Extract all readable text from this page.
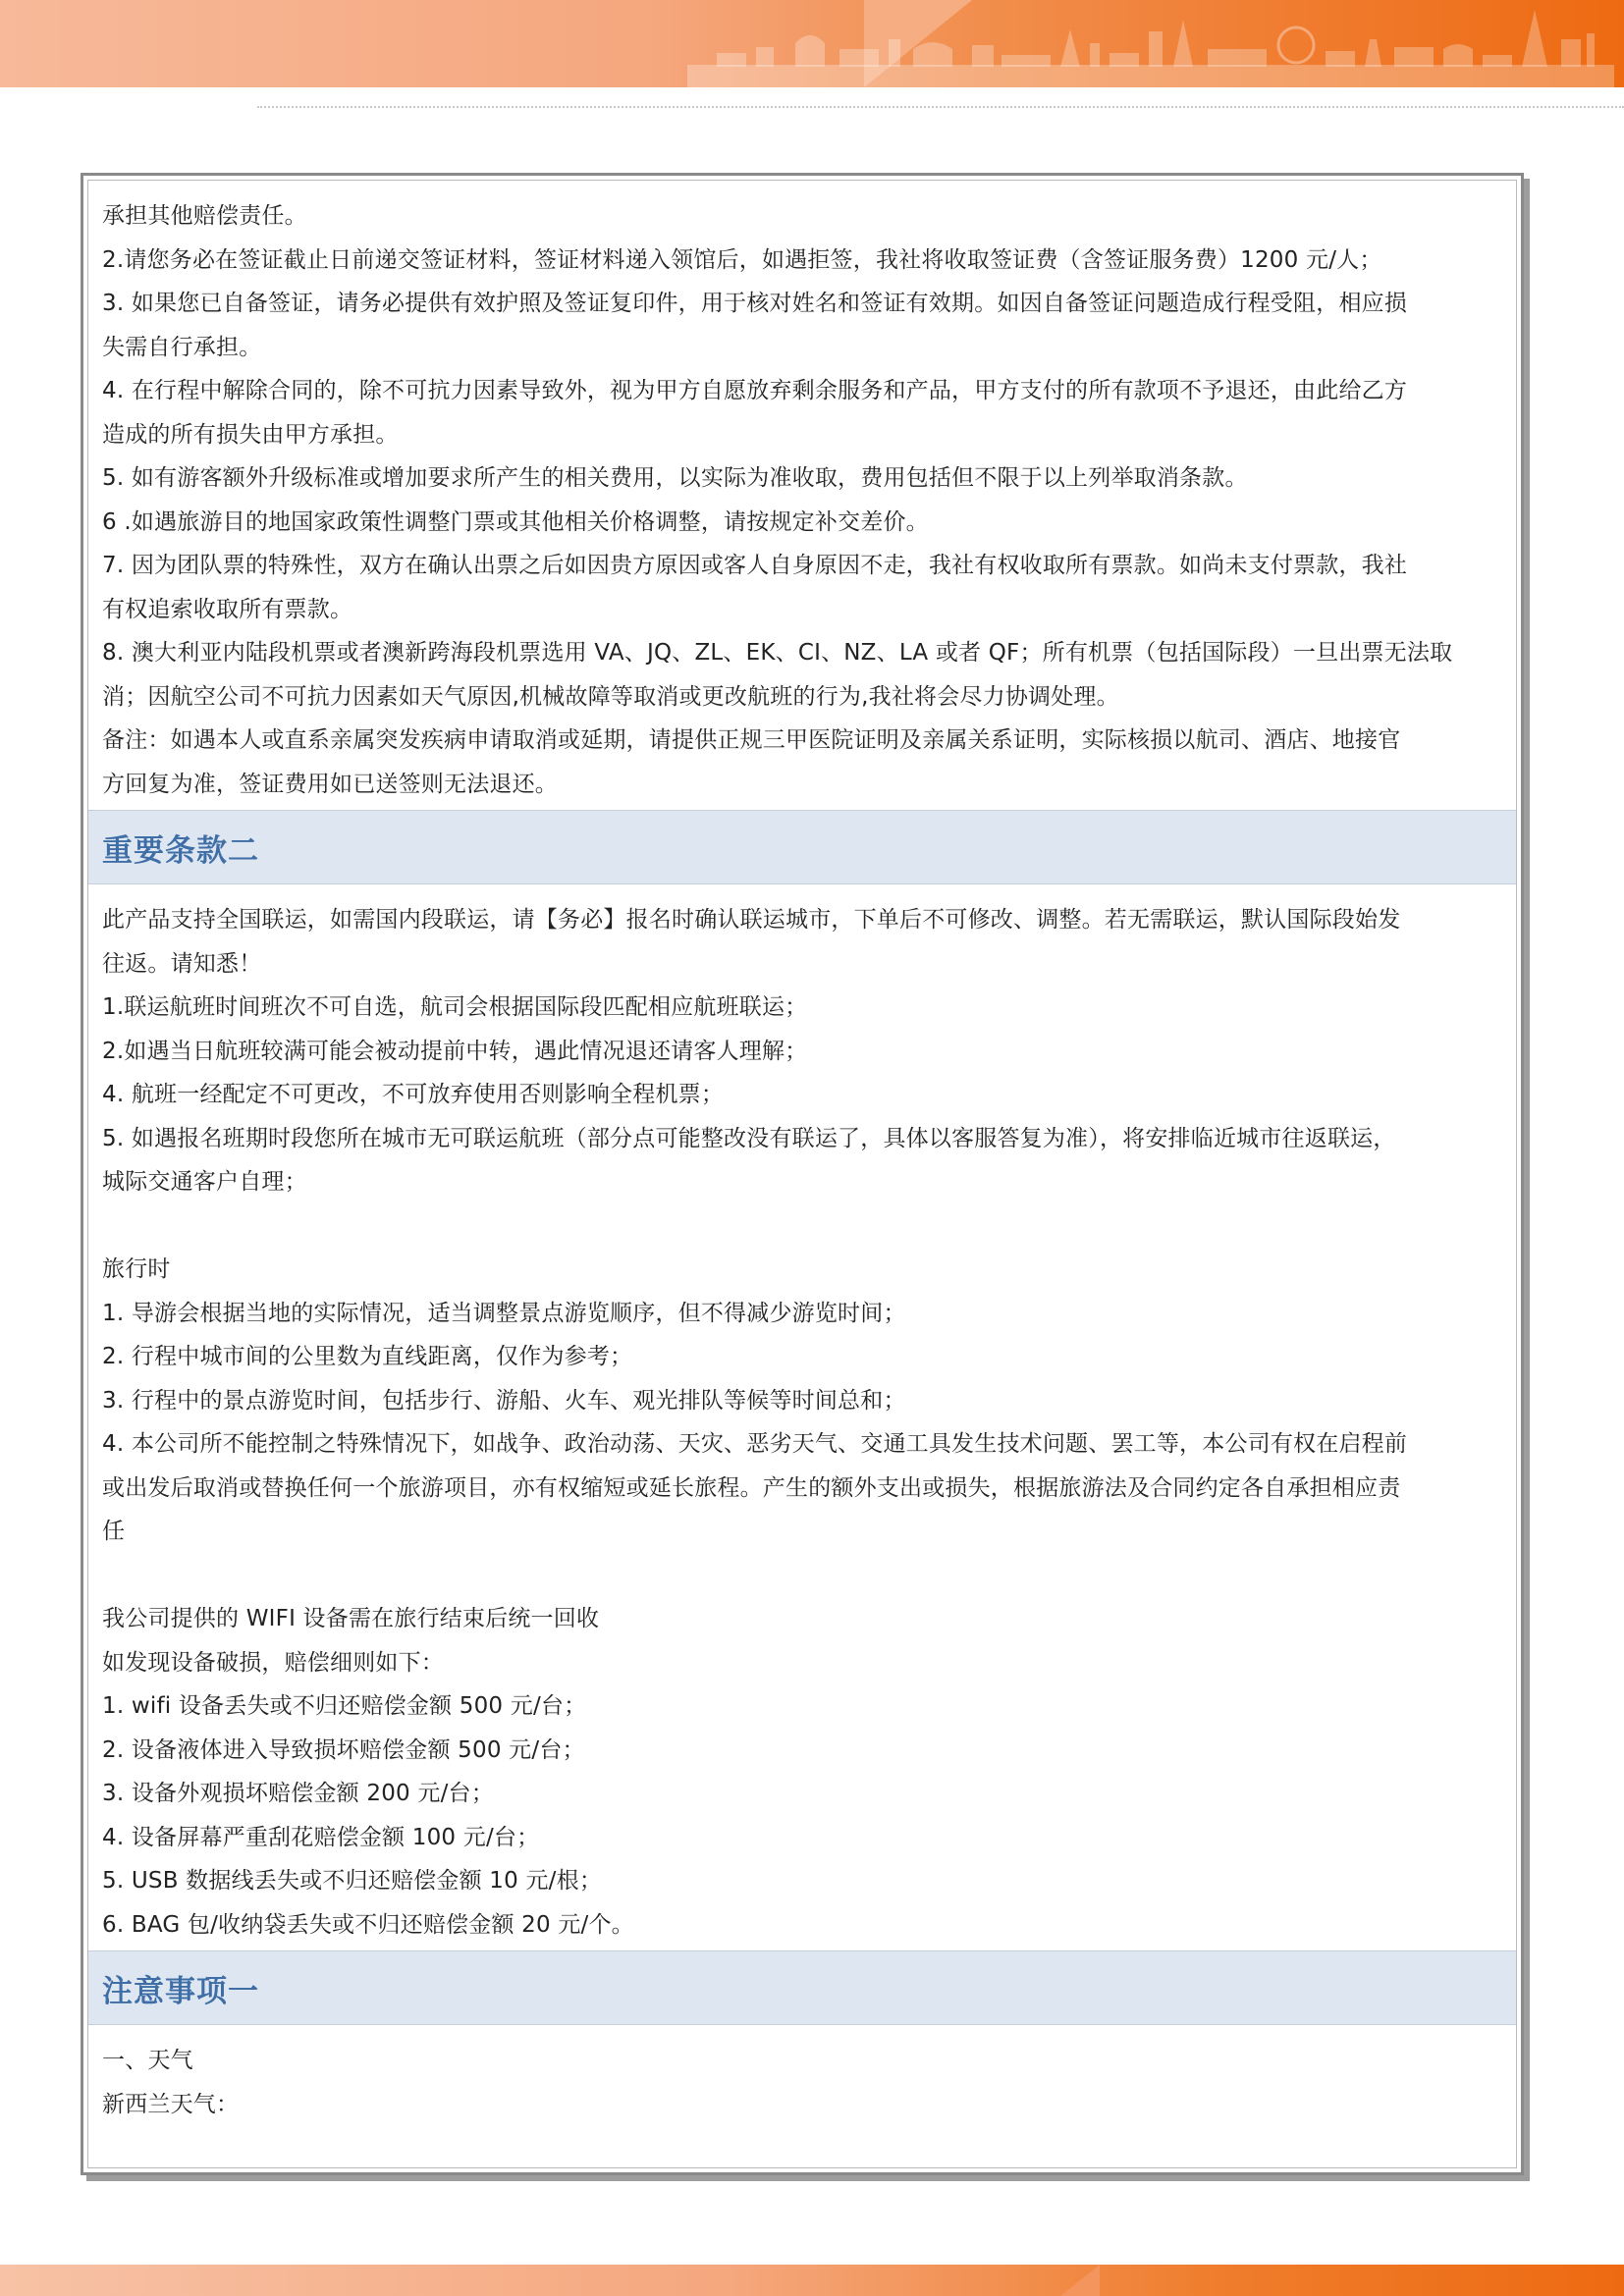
承担其他赔偿责任。
2.请您务必在签证截止日前递交签证材料，签证材料递入领馆后，如遇拒签，我社将收取签证费（含签证服务费）1200 元/人；
3. 如果您已自备签证，请务必提供有效护照及签证复印件，用于核对姓名和签证有效期。如因自备签证问题造成行程受阻，相应损
失需自行承担。
4. 在行程中解除合同的，除不可抗力因素导致外，视为甲方自愿放弃剩余服务和产品，甲方支付的所有款项不予退还，由此给乙方
造成的所有损失由甲方承担。
5. 如有游客额外升级标准或增加要求所产生的相关费用，以实际为准收取，费用包括但不限于以上列举取消条款。
6 .如遇旅游目的地国家政策性调整门票或其他相关价格调整，请按规定补交差价。
7. 因为团队票的特殊性，双方在确认出票之后如因贵方原因或客人自身原因不走，我社有权收取所有票款。如尚未支付票款，我社
有权追索收取所有票款。
8. 澳大利亚内陆段机票或者澳新跨海段机票选用 VA、JQ、ZL、EK、CI、NZ、LA 或者 QF；所有机票（包括国际段）一旦出票无法取
消；因航空公司不可抗力因素如天气原因,机械故障等取消或更改航班的行为,我社将会尽力协调处理。
备注：如遇本人或直系亲属突发疾病申请取消或延期，请提供正规三甲医院证明及亲属关系证明，实际核损以航司、酒店、地接官
方回复为准，签证费用如已送签则无法退还。
重要条款二
此产品支持全国联运，如需国内段联运，请【务必】报名时确认联运城市，下单后不可修改、调整。若无需联运，默认国际段始发
往返。请知悉！
1.联运航班时间班次不可自选，航司会根据国际段匹配相应航班联运；
2.如遇当日航班较满可能会被动提前中转，遇此情况退还请客人理解；
4. 航班一经配定不可更改，不可放弃使用否则影响全程机票；
5. 如遇报名班期时段您所在城市无可联运航班（部分点可能整改没有联运了，具体以客服答复为准），将安排临近城市往返联运，
城际交通客户自理；
旅行时
1. 导游会根据当地的实际情况，适当调整景点游览顺序，但不得减少游览时间；
2. 行程中城市间的公里数为直线距离，仅作为参考；
3. 行程中的景点游览时间，包括步行、游船、火车、观光排队等候等时间总和；
4. 本公司所不能控制之特殊情况下，如战争、政治动荡、天灾、恶劣天气、交通工具发生技术问题、罢工等，本公司有权在启程前
或出发后取消或替换任何一个旅游项目，亦有权缩短或延长旅程。产生的额外支出或损失，根据旅游法及合同约定各自承担相应责
任
我公司提供的 WIFI 设备需在旅行结束后统一回收
如发现设备破损，赔偿细则如下：
1. wifi 设备丢失或不归还赔偿金额 500 元/台；
2. 设备液体进入导致损坏赔偿金额 500 元/台；
3. 设备外观损坏赔偿金额 200 元/台；
4. 设备屏幕严重刮花赔偿金额 100 元/台；
5. USB 数据线丢失或不归还赔偿金额 10 元/根；
6. BAG 包/收纳袋丢失或不归还赔偿金额 20 元/个。
注意事项一
一、天气
新西兰天气：
